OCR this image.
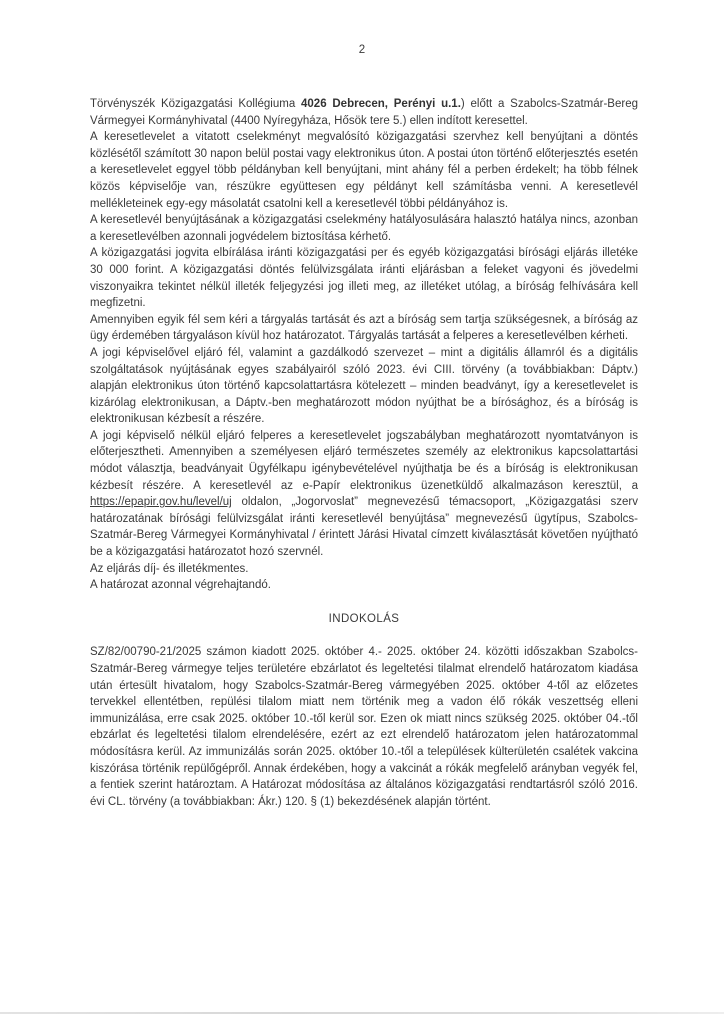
2

Törvényszék Közigazgatási Kollégiuma 4026 Debrecen, Perényi u.1.) előtt a Szabolcs-Szatmár-Bereg Vármegyei Kormányhivatal (4400 Nyíregyháza, Hősök tere 5.) ellen indított keresettel.

A keresetlevelet a vitatott cselekményt megvalósító közigazgatási szervhez kell benyújtani a döntés közlésétől számított 30 napon belül postai vagy elektronikus úton. A postai úton történő előterjesztés esetén a keresetlevelet eggyel több példányban kell benyújtani, mint ahány fél a perben érdekelt; ha több félnek közös képviselője van, részükre együttesen egy példányt kell számításba venni. A keresetlevél mellékleteinek egy-egy másolatát csatolni kell a keresetlevél többi példányához is.

A keresetlevél benyújtásának a közigazgatási cselekmény hatályosulására halasztó hatálya nincs, azonban a keresetlevélben azonnali jogvédelem biztosítása kérhető.

A közigazgatási jogvita elbírálása iránti közigazgatási per és egyéb közigazgatási bírósági eljárás illetéke 30 000 forint. A közigazgatási döntés felülvizsgálata iránti eljárásban a feleket vagyoni és jövedelmi viszonyaikra tekintet nélkül illeték feljegyzési jog illeti meg, az illetéket utólag, a bíróság felhívására kell megfizetni.

Amennyiben egyik fél sem kéri a tárgyalás tartását és azt a bíróság sem tartja szükségesnek, a bíróság az ügy érdemében tárgyaláson kívül hoz határozatot. Tárgyalás tartását a felperes a keresetlevélben kérheti.

A jogi képviselővel eljáró fél, valamint a gazdálkodó szervezet – mint a digitális államról és a digitális szolgáltatások nyújtásának egyes szabályairól szóló 2023. évi CIII. törvény (a továbbiakban: Dáptv.) alapján elektronikus úton történő kapcsolattartásra kötelezett – minden beadványt, így a keresetlevelet is kizárólag elektronikusan, a Dáptv.-ben meghatározott módon nyújthat be a bírósághoz, és a bíróság is elektronikusan kézbesít a részére.

A jogi képviselő nélkül eljáró felperes a keresetlevelet jogszabályban meghatározott nyomtatványon is előterjesztheti. Amennyiben a személyesen eljáró természetes személy az elektronikus kapcsolattartási módot választja, beadványait Ügyfélkapu igénybevételével nyújthatja be és a bíróság is elektronikusan kézbesít részére. A keresetlevél az e-Papír elektronikus üzenetküldő alkalmazáson keresztül, a https://epapir.gov.hu/level/uj oldalon, „Jogorvoslat” megnevezésű témacsoport, „Közigazgatási szerv határozatának bírósági felülvizsgálat iránti keresetlevél benyújtása” megnevezésű ügytípus, Szabolcs-Szatmár-Bereg Vármegyei Kormányhivatal / érintett Járási Hivatal címzett kiválasztását követően nyújtható be a közigazgatási határozatot hozó szervnél.

Az eljárás díj- és illetékmentes.

A határozat azonnal végrehajtandó.

INDOKOLÁS

SZ/82/00790-21/2025 számon kiadott 2025. október 4.- 2025. október 24. közötti időszakban Szabolcs-Szatmár-Bereg vármegye teljes területére ebzárlatot és legeltetési tilalmat elrendelő határozatom kiadása után értesült hivatalom, hogy Szabolcs-Szatmár-Bereg vármegyében 2025. október 4-től az előzetes tervekkel ellentétben, repülési tilalom miatt nem történik meg a vadon élő rókák veszettség elleni immunizálása, erre csak 2025. október 10.-től kerül sor. Ezen ok miatt nincs szükség 2025. október 04.-től ebzárlat és legeltetési tilalom elrendelésére, ezért az ezt elrendelő határozatom jelen határozatommal módosításra kerül. Az immunizálás során 2025. október 10.-től a települések külterületén csalétek vakcina kiszórása történik repülőgépről. Annak érdekében, hogy a vakcinát a rókák megfelelő arányban vegyék fel, a fentiek szerint határoztam. A Határozat módosítása az általános közigazgatási rendtartásról szóló 2016. évi CL. törvény (a továbbiakban: Ákr.) 120. § (1) bekezdésének alapján történt.
